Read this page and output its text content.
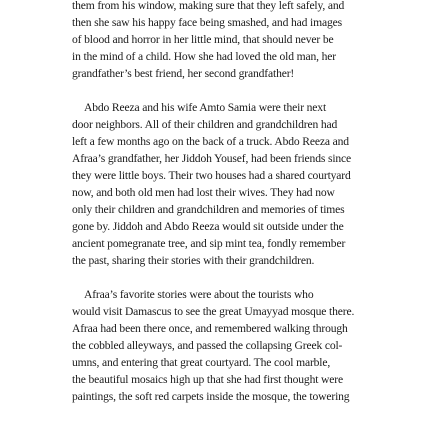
them from his window, making sure that they left safely, and
then she saw his happy face being smashed, and had images
of blood and horror in her little mind, that should never be
in the mind of a child. How she had loved the old man, her
grandfather’s best friend, her second grandfather!
Abdo Reeza and his wife Amto Samia were their next
door neighbors. All of their children and grandchildren had
left a few months ago on the back of a truck. Abdo Reeza and
Afraa’s grandfather, her Jiddoh Yousef, had been friends since
they were little boys. Their two houses had a shared courtyard
now, and both old men had lost their wives. They had now
only their children and grandchildren and memories of times
gone by. Jiddoh and Abdo Reeza would sit outside under the
ancient pomegranate tree, and sip mint tea, fondly remember
the past, sharing their stories with their grandchildren.
Afraa’s favorite stories were about the tourists who
would visit Damascus to see the great Umayyad mosque there.
Afraa had been there once, and remembered walking through
the cobbled alleyways, and passed the collapsing Greek col-
umns, and entering that great courtyard. The cool marble,
the beautiful mosaics high up that she had first thought were
paintings, the soft red carpets inside the mosque, the towering
